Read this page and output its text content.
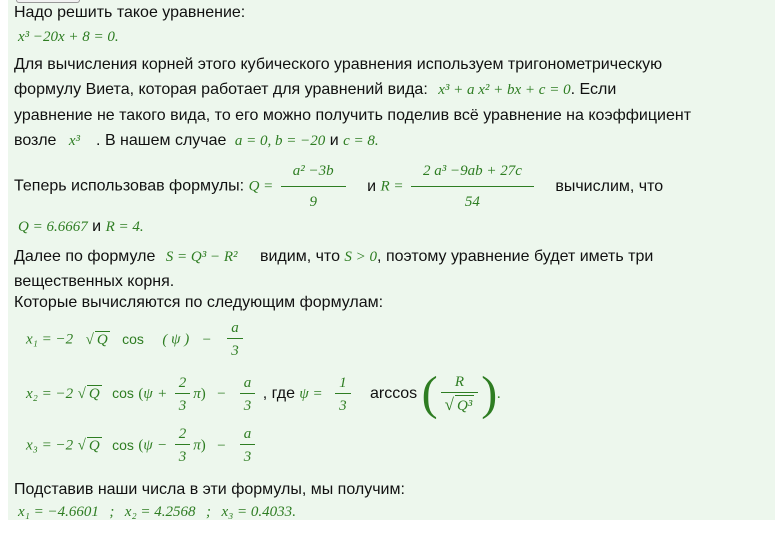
Надо решить такое уравнение:
x³ −20x + 8 = 0.
Для вычисления корней этого кубического уравнения используем тригонометрическую
формулу Виета, которая работает для уравнений вида: x³ + a x² + bx + c = 0. Если
уравнение не такого вида, то его можно получить поделив всё уравнение на коэффициент
возле x³ . В нашем случае a = 0, b = −20 и c = 8.
Теперь использовав формулы: $Q = \frac{\text{a² −3b}}{9}$ и $R = \frac{\text{2 a³ −9ab + 27c}}{54}$ вычислим, что
Q = 6.6667 и R = 4.
Далее по формуле S = Q³ − R² видим, что S > 0, поэтому уравнение будет иметь три
вещественных корня.
Которые вычисляются по следующим формулам:
x₁ = −2 √ Q cos ( ψ ) − $\frac{a}{3}$
x₂ = −2 √ Q $\cos (\psi + \frac{2}{3} \pi) - \frac{a}{3}$ , где $\psi = \frac{1}{3}$ arccos ( $\frac{R}{\text{√ Q³}}$ ).
x₃ = −2 √ Q $\cos (\psi - \frac{2}{3} \pi) - \frac{a}{3}$
Подставив наши числа в эти формулы, мы получим:
x₁ = −4.6601 ; x₂ = 4.2568 ; x₃ = 0.4033.
